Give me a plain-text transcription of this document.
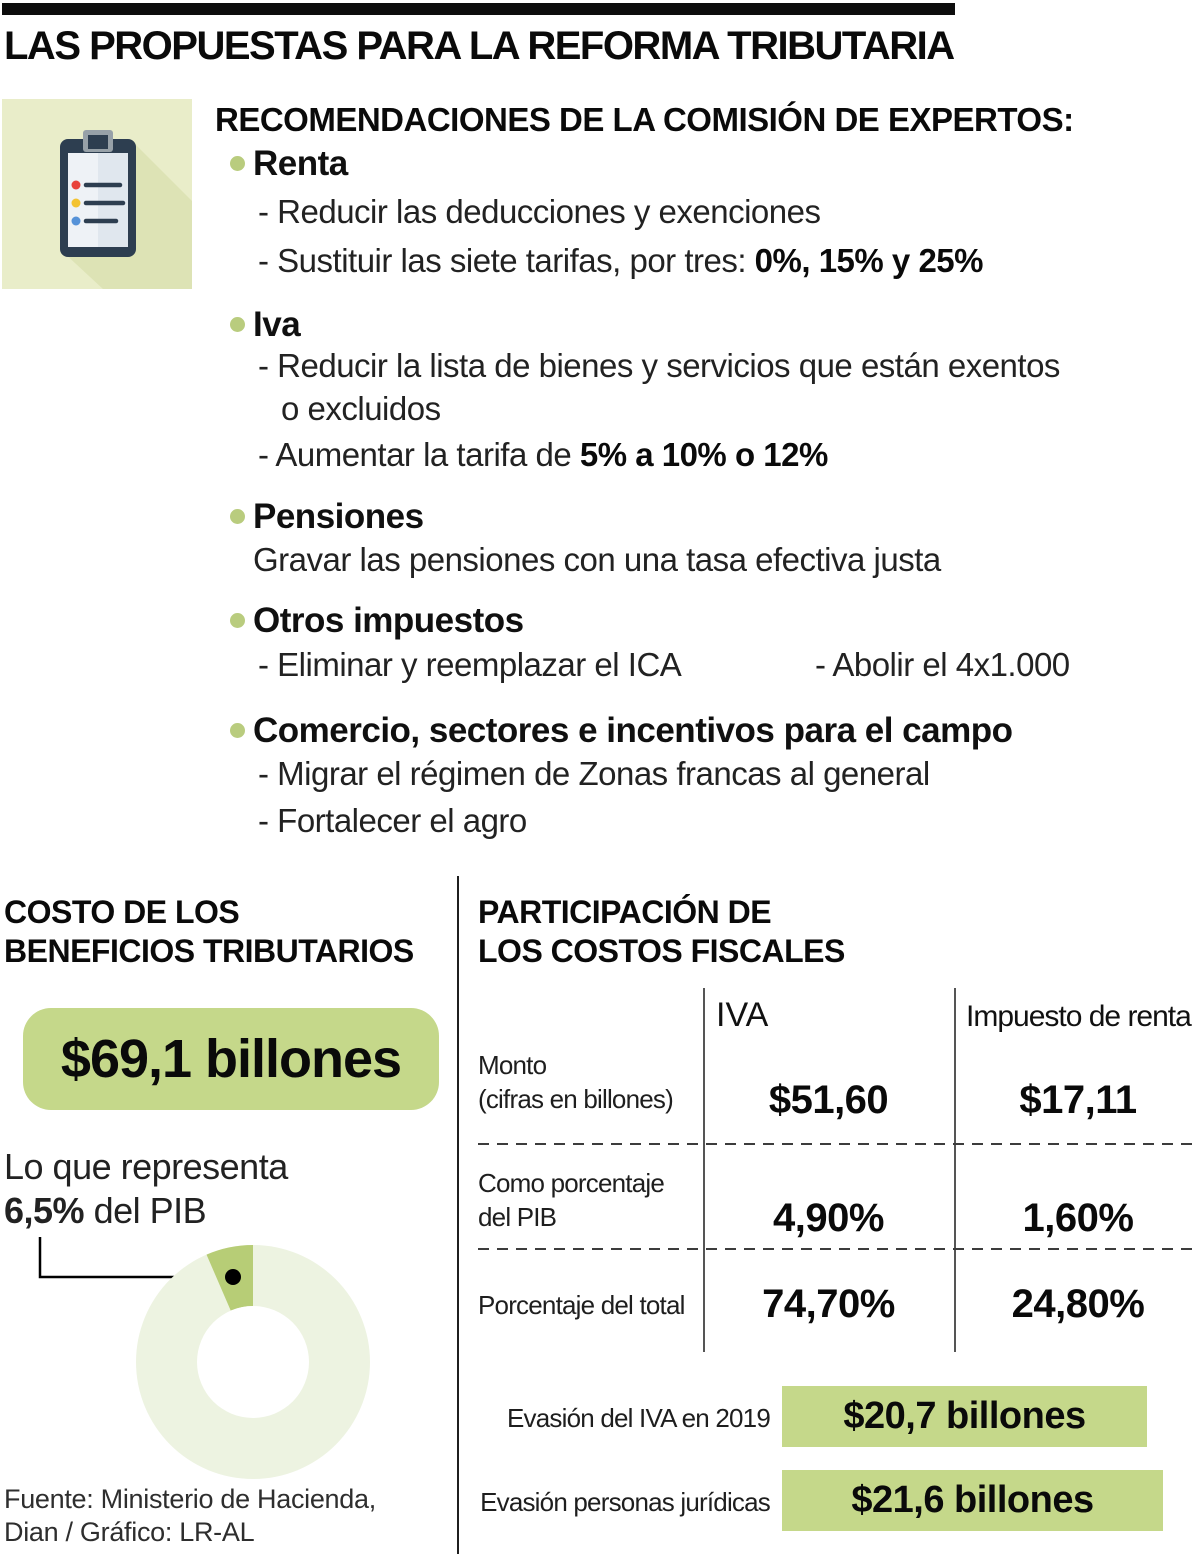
LAS PROPUESTAS PARA LA REFORMA TRIBUTARIA
RECOMENDACIONES DE LA COMISIÓN DE EXPERTOS:
Renta
- Reducir las deducciones y exenciones
- Sustituir las siete tarifas, por tres: 0%, 15% y 25%
Iva
- Reducir la lista de bienes y servicios que están exentos
o excluidos
- Aumentar la tarifa de 5% a 10% o 12%
Pensiones
Gravar las pensiones con una tasa efectiva justa
Otros impuestos
- Eliminar y reemplazar el ICA	- Abolir el 4x1.000
Comercio, sectores e incentivos para el campo
- Migrar el régimen de Zonas francas al general
- Fortalecer el agro
COSTO DE LOS
BENEFICIOS TRIBUTARIOS
$69,1 billones
Lo que representa
6,5% del PIB
Fuente: Ministerio de Hacienda,
Dian / Gráfico: LR-AL
PARTICIPACIÓN DE
LOS COSTOS FISCALES
IVA	Impuesto de renta
Monto
(cifras en billones)	$51,60	$17,11
Como porcentaje
del PIB	4,90%	1,60%
Porcentaje del total	74,70%	24,80%
Evasión del IVA en 2019	$20,7 billones
Evasión personas jurídicas	$21,6 billones
